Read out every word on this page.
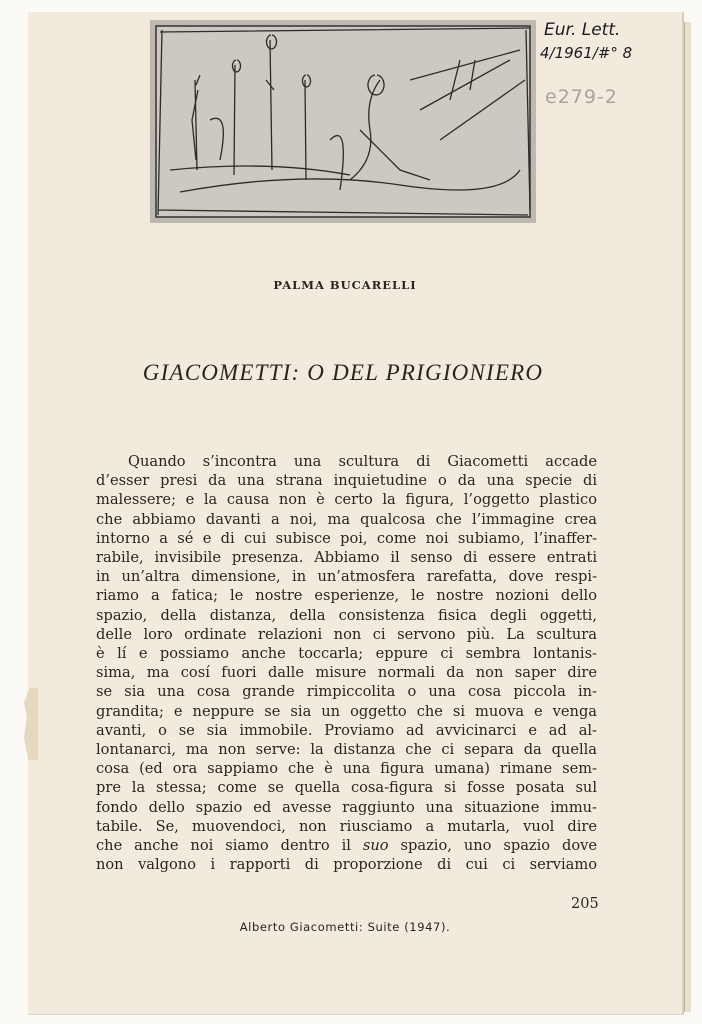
Eur. Lett.
4/1961/#° 8
e279-2
PALMA BUCARELLI
GIACOMETTI: O DEL PRIGIONIERO
Quando s’incontra una scultura di Giacometti accade
d’esser presi da una strana inquietudine o da una specie di
malessere; e la causa non è certo la figura, l’oggetto plastico
che abbiamo davanti a noi, ma qualcosa che l’immagine crea
intorno a sé e di cui subisce poi, come noi subiamo, l’inaffer-
rabile, invisibile presenza. Abbiamo il senso di essere entrati
in un’altra dimensione, in un’atmosfera rarefatta, dove respi-
riamo a fatica; le nostre esperienze, le nostre nozioni dello
spazio, della distanza, della consistenza fisica degli oggetti,
delle loro ordinate relazioni non ci servono più. La scultura
è lí e possiamo anche toccarla; eppure ci sembra lontanis-
sima, ma cosí fuori dalle misure normali da non saper dire
se sia una cosa grande rimpiccolita o una cosa piccola in-
grandita; e neppure se sia un oggetto che si muova e venga
avanti, o se sia immobile. Proviamo ad avvicinarci e ad al-
lontanarci, ma non serve: la distanza che ci separa da quella
cosa (ed ora sappiamo che è una figura umana) rimane sem-
pre la stessa; come se quella cosa-figura si fosse posata sul
fondo dello spazio ed avesse raggiunto una situazione immu-
tabile. Se, muovendoci, non riusciamo a mutarla, vuol dire
che anche noi siamo dentro il suo spazio, uno spazio dove
non valgono i rapporti di proporzione di cui ci serviamo
205
Alberto Giacometti: Suite (1947).
